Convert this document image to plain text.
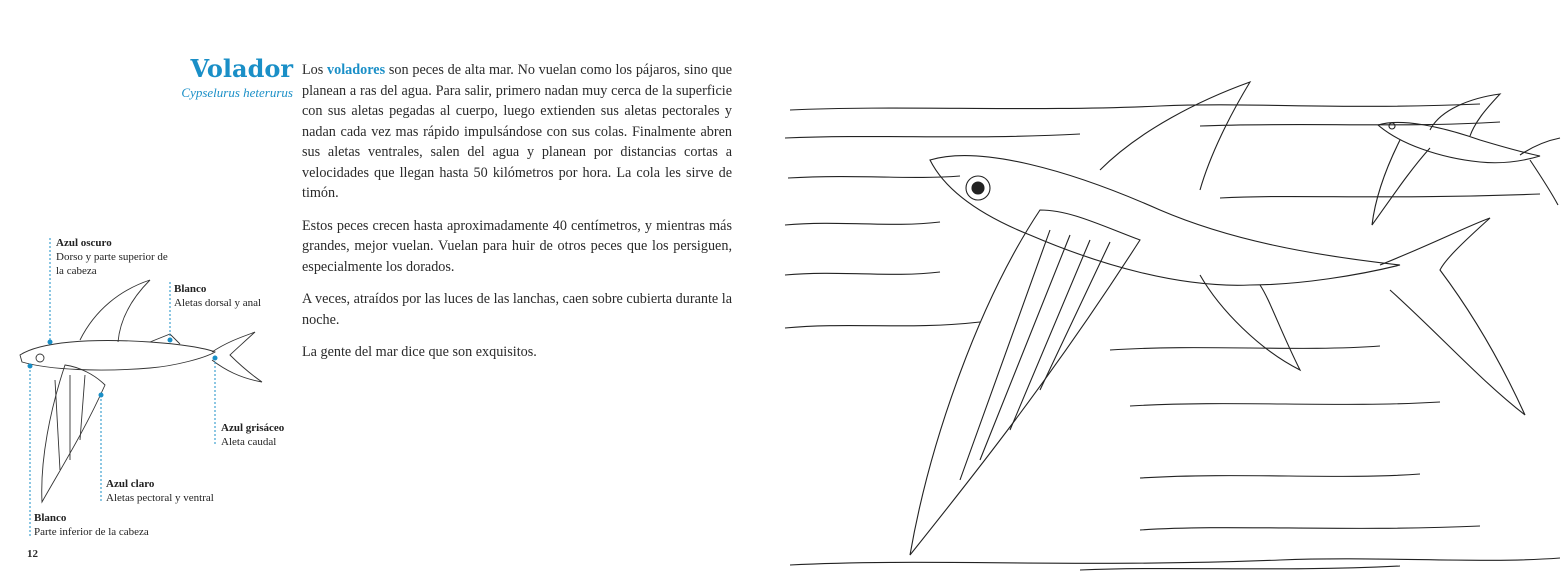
Volador
Cypselurus heterurus

Los voladores son peces de alta mar. No vuelan como los pájaros, sino que planean a ras del agua. Para salir, primero nadan muy cerca de la superficie con sus aletas pegadas al cuerpo, luego extienden sus aletas pectorales y nadan cada vez mas rápido impulsándose con sus colas. Finalmente abren sus aletas ventrales, salen del agua y planean por distancias cortas a velocidades que llegan hasta 50 kilómetros por hora. La cola les sirve de timón.

Estos peces crecen hasta aproximadamente 40 centímetros, y mientras más grandes, mejor vuelan. Vuelan para huir de otros peces que los persiguen, especialmente los dorados.

A veces, atraídos por las luces de las lanchas, caen sobre cubierta durante la noche.

La gente del mar dice que son exquisitos.

Azul oscuro
Dorso y parte superior de la cabeza
Blanco
Aletas dorsal y anal
Azul grisáceo
Aleta caudal
Azul claro
Aletas pectoral y ventral
Blanco
Parte inferior de la cabeza
12
